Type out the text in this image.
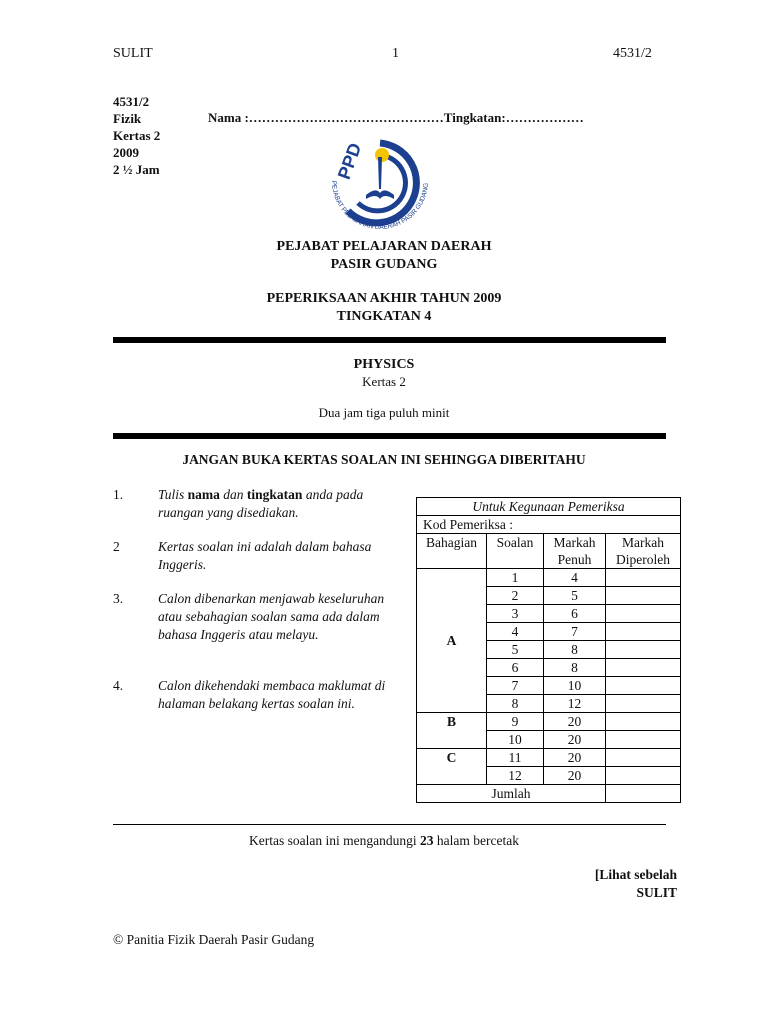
SULIT	1	4531/2
4531/2
Fizik
Kertas 2
2009
2 ½ Jam
Nama :………………………………………Tingkatan:………………
PPD
PEJABAT PELAJARAN DAERAH PASIR GUDANG
PEJABAT PELAJARAN DAERAH
PASIR GUDANG
PEPERIKSAAN AKHIR TAHUN 2009
TINGKATAN 4
PHYSICS
Kertas 2
Dua jam tiga puluh minit
JANGAN BUKA KERTAS SOALAN INI SEHINGGA DIBERITAHU
1.	Tulis nama dan tingkatan anda pada ruangan yang disediakan.
2	Kertas soalan ini adalah dalam bahasa Inggeris.
3.	Calon dibenarkan menjawab keseluruhan
atau sebahagian soalan sama ada dalam bahasa Inggeris atau melayu.
4.	Calon dikehendaki membaca maklumat di halaman belakang kertas soalan ini.
Untuk Kegunaan Pemeriksa			
Kod Pemeriksa :			
Bahagian	Soalan	Markah
Penuh	Markah
Diperoleh
A	1	4	
	2	5	
	3	6	
	4	7	
	5	8	
	6	8	
	7	10	
	8	12	
B	9	20	
	10	20	
C	11	20	
	12	20	
Jumlah			
Kertas soalan ini mengandungi 23 halam bercetak
[Lihat sebelah
SULIT
© Panitia Fizik Daerah Pasir Gudang
